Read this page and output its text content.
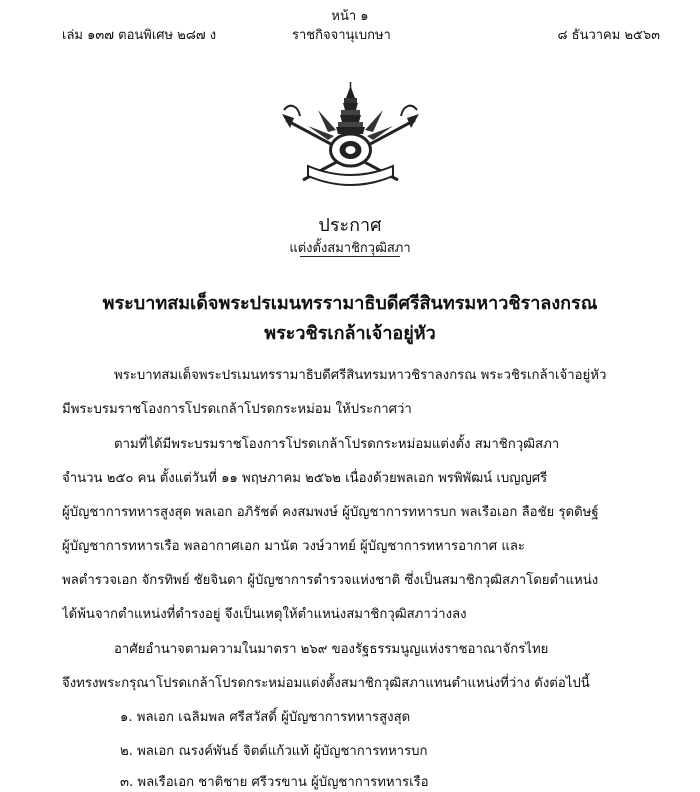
หน้า ๑
เล่ม ๑๓๗ ตอนพิเศษ ๒๘๗ ง	ราชกิจจานุเบกษา	๘ ธันวาคม ๒๕๖๓
ประกาศ
แต่งตั้งสมาชิกวุฒิสภา
พระบาทสมเด็จพระปรเมนทรรามาธิบดีศรีสินทรมหาวชิราลงกรณ
พระวชิรเกล้าเจ้าอยู่หัว
พระบาทสมเด็จพระปรเมนทรรามาธิบดีศรีสินทรมหาวชิราลงกรณ พระวชิรเกล้าเจ้าอยู่หัว
มีพระบรมราชโองการโปรดเกล้าโปรดกระหม่อม ให้ประกาศว่า
ตามที่ได้มีพระบรมราชโองการโปรดเกล้าโปรดกระหม่อมแต่งตั้ง สมาชิกวุฒิสภา
จำนวน ๒๕๐ คน ตั้งแต่วันที่ ๑๑ พฤษภาคม ๒๕๖๒ เนื่องด้วยพลเอก พรพิพัฒน์ เบญญศรี
ผู้บัญชาการทหารสูงสุด พลเอก อภิรัชต์ คงสมพงษ์ ผู้บัญชาการทหารบก พลเรือเอก ลือชัย รุดดิษฐ์
ผู้บัญชาการทหารเรือ พลอากาศเอก มานัต วงษ์วาทย์ ผู้บัญชาการทหารอากาศ และ
พลตำรวจเอก จักรทิพย์ ชัยจินดา ผู้บัญชาการตำรวจแห่งชาติ ซึ่งเป็นสมาชิกวุฒิสภาโดยตำแหน่ง
ได้พ้นจากตำแหน่งที่ดำรงอยู่ จึงเป็นเหตุให้ตำแหน่งสมาชิกวุฒิสภาว่างลง
อาศัยอำนาจตามความในมาตรา ๒๖๙ ของรัฐธรรมนูญแห่งราชอาณาจักรไทย
จึงทรงพระกรุณาโปรดเกล้าโปรดกระหม่อมแต่งตั้งสมาชิกวุฒิสภาแทนตำแหน่งที่ว่าง ดังต่อไปนี้
๑. พลเอก เฉลิมพล ศรีสวัสดิ์ ผู้บัญชาการทหารสูงสุด
๒. พลเอก ณรงค์พันธ์ จิตต์แก้วแท้ ผู้บัญชาการทหารบก
๓. พลเรือเอก ชาติชาย ศรีวรขาน ผู้บัญชาการทหารเรือ
